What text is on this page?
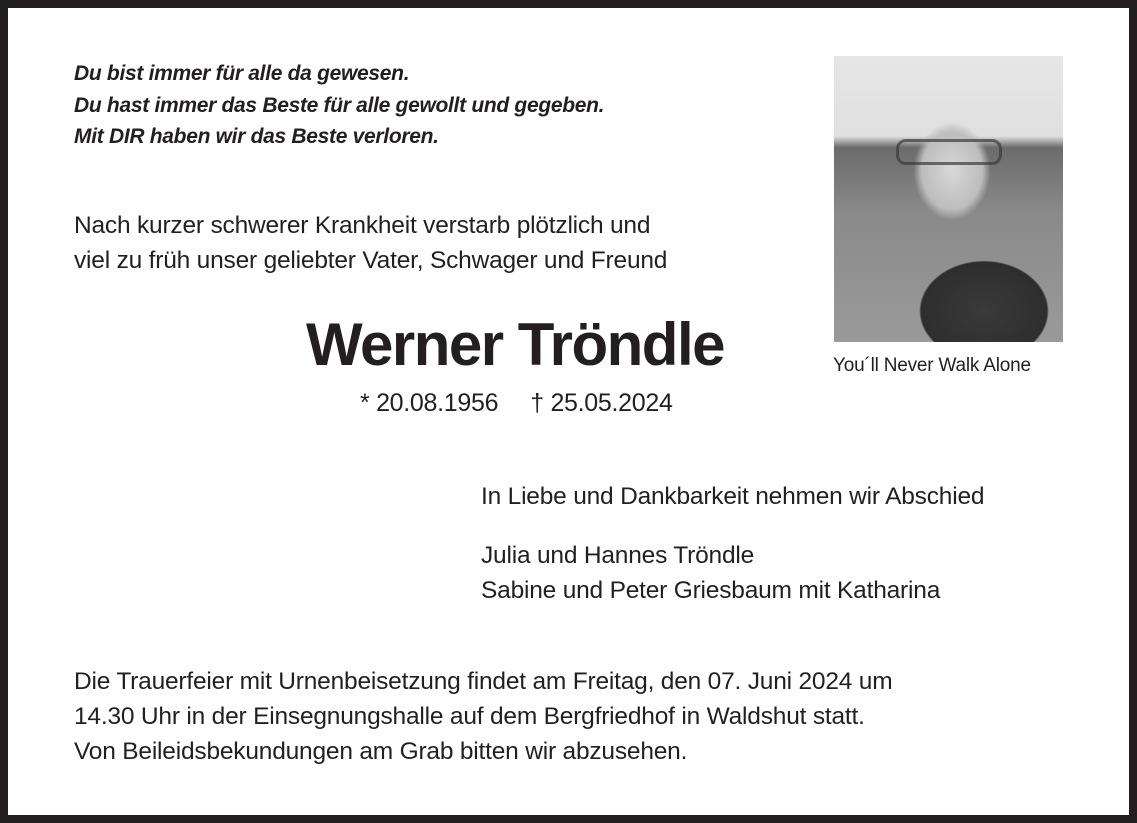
Du bist immer für alle da gewesen.
Du hast immer das Beste für alle gewollt und gegeben.
Mit DIR haben wir das Beste verloren.
Nach kurzer schwerer Krankheit verstarb plötzlich und
viel zu früh unser geliebter Vater, Schwager und Freund
Werner Tröndle
* 20.08.1956 † 25.05.2024
You´ll Never Walk Alone
In Liebe und Dankbarkeit nehmen wir Abschied
Julia und Hannes Tröndle
Sabine und Peter Griesbaum mit Katharina
Die Trauerfeier mit Urnenbeisetzung findet am Freitag, den 07. Juni 2024 um
14.30 Uhr in der Einsegnungshalle auf dem Bergfriedhof in Waldshut statt.
Von Beileidsbekundungen am Grab bitten wir abzusehen.
